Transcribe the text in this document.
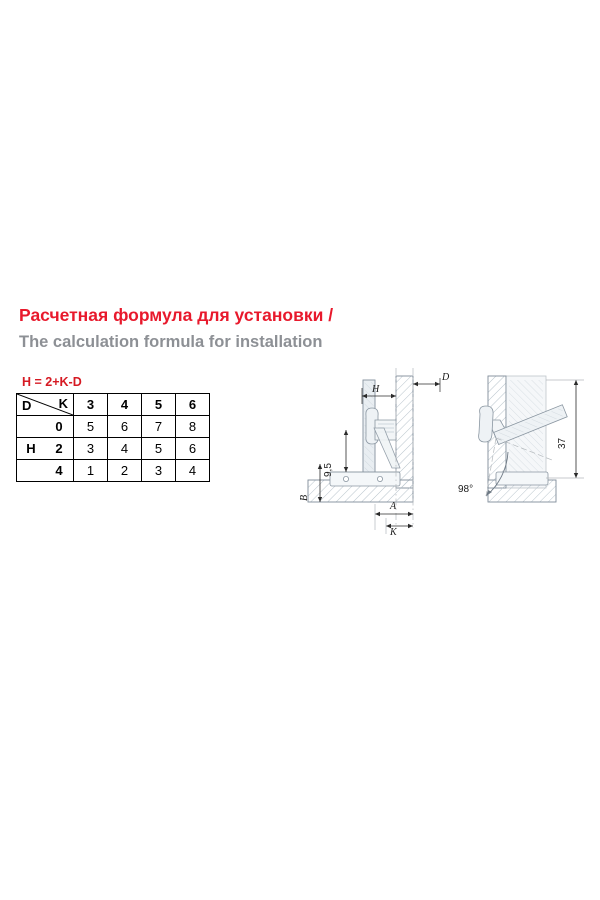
Расчетная формула для установки /
The calculation formula for installation
H = 2+K-D
D K		3	4	5	6
	0	5	6	7	8
H	2	3	4	5	6
	4	1	2	3	4
D
H
9,5
B
A
K
37
98°
